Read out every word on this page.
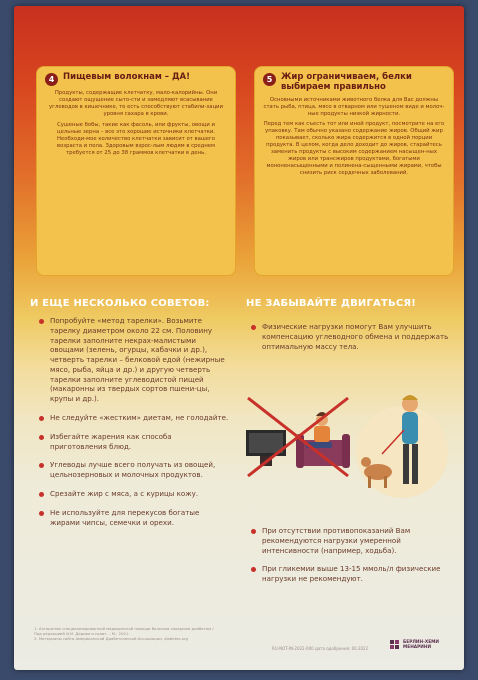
4	Пищевым волокнам – ДА!

Продукты, содержащие клетчатку, мало-калорийны. Они создают ощущение сыто-сти и замедляют всасывание углеводов в кишечнике, то есть способствуют стабили-зации уровня сахара в крови.

Сушеные бобы, такие как фасоль, или фрукты, овощи и цельные зерна – все это хорошие источники клетчатки. Необходи-мое количество клетчатки зависит от вашего возраста и пола. Здоровым взрос-лым людям в среднем требуется от 25 до 38 граммов клетчатки в день.

5	Жир ограничиваем, белки выбираем правильно

Основными источниками животного белка для Вас должны стать рыба, птица, мясо в отварном или тушеном виде и молоч-ные продукты низкой жирности.

Перед тем как съесть тот или иной продукт, посмотрите на его упаковку. Там обычно указано содержание жиров. Общий жир показывает, сколько жира содержится в одной порции продукта. В целом, когда дело доходит до жиров, старайтесь заменить продукты с высоким содержанием насыщен-ных жиров или трансжиров продуктами, богатыми мононенасыщенными и полинена-сыщенными жирами, чтобы снизить риск сердечных заболеваний.

И ЕЩЕ НЕСКОЛЬКО СОВЕТОВ:	НЕ ЗАБЫВАЙТЕ ДВИГАТЬСЯ!
Попробуйте «метод тарелки». Возьмите тарелку диаметром около 22 см. Половину тарелки заполните некрах-малистыми овощами (зелень, огурцы, кабачки и др.), четверть тарелки – белковой едой (нежирные мясо, рыба, яйца и др.) и другую четверть тарелки заполните углеводистой пищей (макаронны из твердых сортов пшени-цы, крупы и др.).
Не следуйте «жестким» диетам, не голодайте.
Избегайте жарения как способа приготовления блюд.
Углеводы лучше всего получать из овощей, цельнозерновых и молочных продуктов.
Срезайте жир с мяса, а с курицы кожу.
Не используйте для перекусов богатые жирами чипсы, семечки и орехи.
Физические нагрузки помогут Вам улучшить компенсацию углеводного обмена и поддержать оптимальную массу тела.
При отсутствии противопоказаний Вам рекомендуются нагрузки умеренной интенсивности (например, ходьба).
При гликемии выше 13-15 ммоль/л физические нагрузки не рекомендуют.
1. Алгоритмы специализированной медицинской помощи больным сахарным диабетом /
Под редакцией И.И. Дедова и соавт. – М., 2021.
2. Материалы сайта Американской Диабетической Ассоциации, diabetes.org
RU-NOT-IN-2022-000 дата одобрения: 00.2022
БЕРЛИН-ХЕМИ
МЕНАРИНИ
